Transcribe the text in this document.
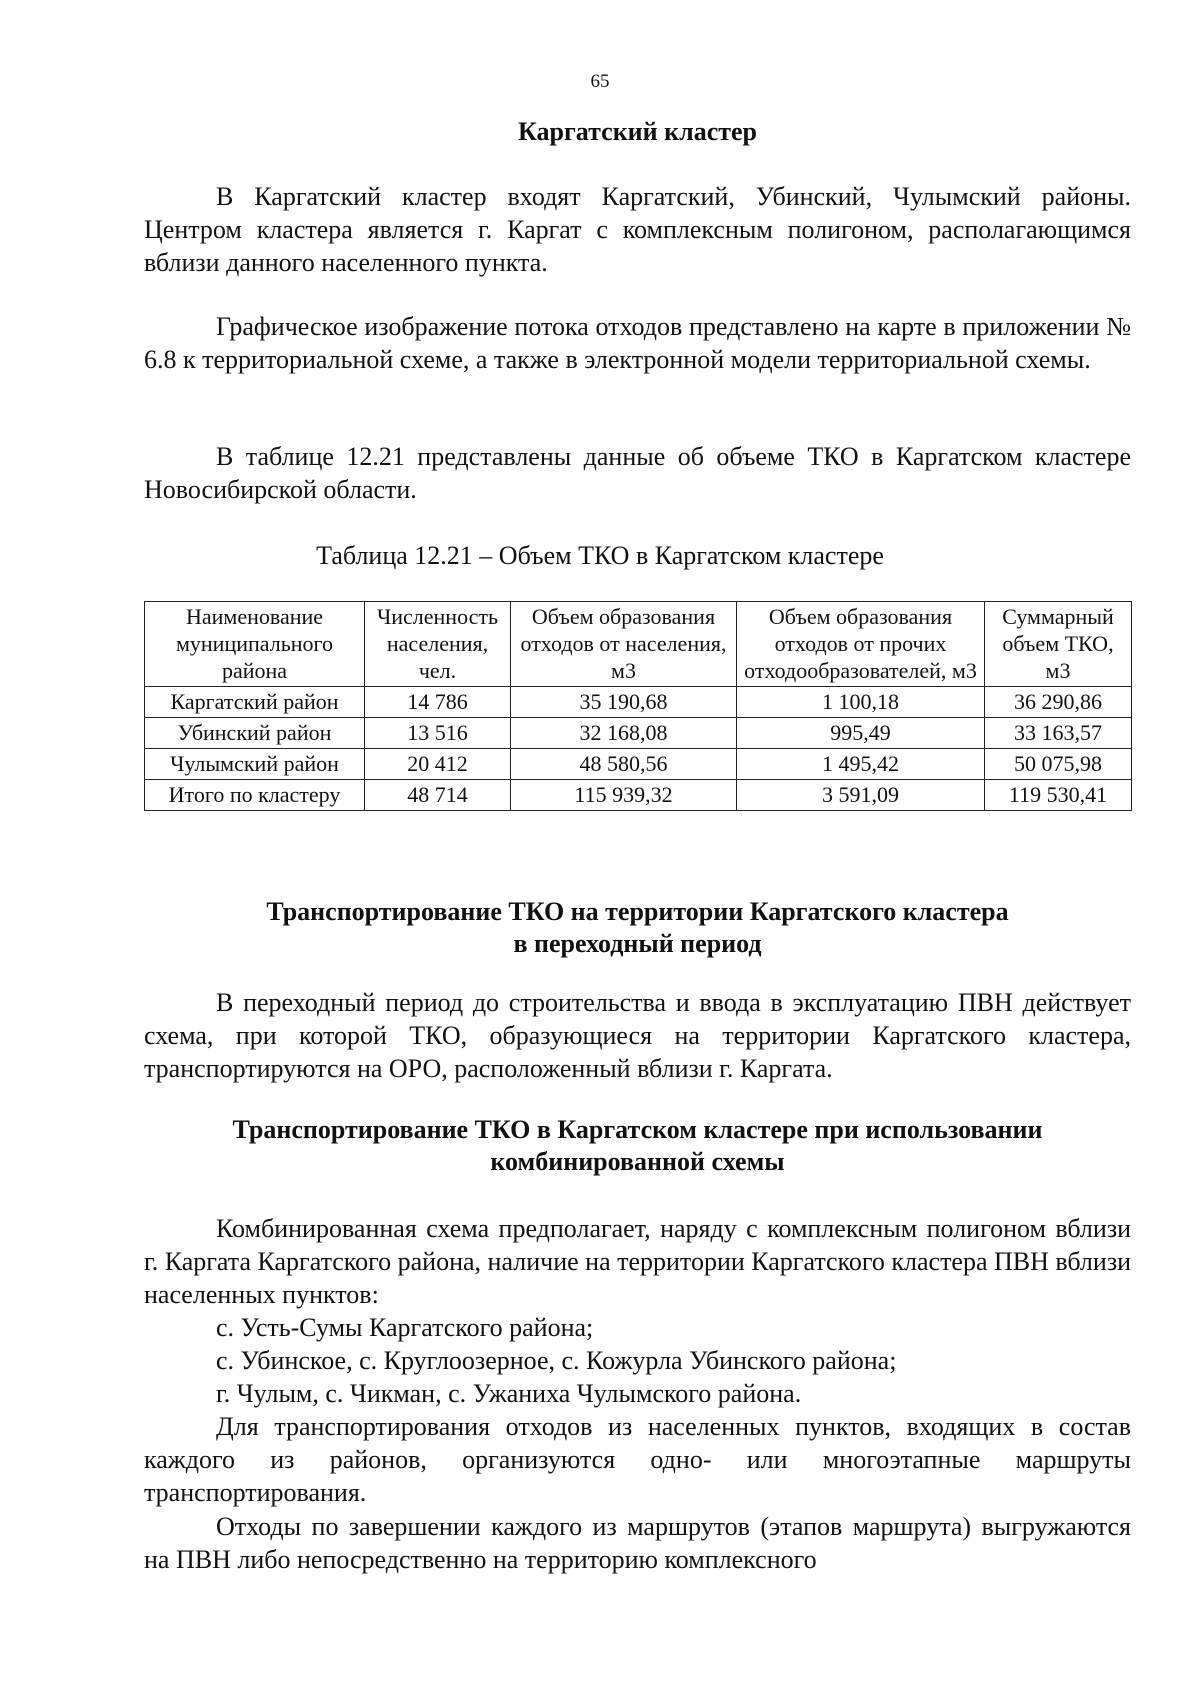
65
Каргатский кластер
В Каргатский кластер входят Каргатский, Убинский, Чулымский районы. Центром кластера является г. Каргат с комплексным полигоном, располагающимся вблизи данного населенного пункта.
Графическое изображение потока отходов представлено на карте в приложении № 6.8 к территориальной схеме, а также в электронной модели территориальной схемы.
В таблице 12.21 представлены данные об объеме ТКО в Каргатском кластере Новосибирской области.
Таблица 12.21 – Объем ТКО в Каргатском кластере
Наименование муниципального района	Численность населения, чел.	Объем образования отходов от населения, м3	Объем образования отходов от прочих отходообразователей, м3	Суммарный объем ТКО, м3
Каргатский район	14 786	35 190,68	1 100,18	36 290,86
Убинский район	13 516	32 168,08	995,49	33 163,57
Чулымский район	20 412	48 580,56	1 495,42	50 075,98
Итого по кластеру	48 714	115 939,32	3 591,09	119 530,41
Транспортирование ТКО на территории Каргатского кластера
в переходный период
В переходный период до строительства и ввода в эксплуатацию ПВН действует схема, при которой ТКО, образующиеся на территории Каргатского кластера, транспортируются на ОРО, расположенный вблизи г. Каргата.
Транспортирование ТКО в Каргатском кластере при использовании
комбинированной схемы
Комбинированная схема предполагает, наряду с комплексным полигоном вблизи г. Каргата Каргатского района, наличие на территории Каргатского кластера ПВН вблизи населенных пунктов:
с. Усть-Сумы Каргатского района;
с. Убинское, с. Круглоозерное, с. Кожурла Убинского района;
г. Чулым, с. Чикман, с. Ужаниха Чулымского района.
Для транспортирования отходов из населенных пунктов, входящих в состав каждого из районов, организуются одно- или многоэтапные маршруты транспортирования.
Отходы по завершении каждого из маршрутов (этапов маршрута) выгружаются на ПВН либо непосредственно на территорию комплексного
